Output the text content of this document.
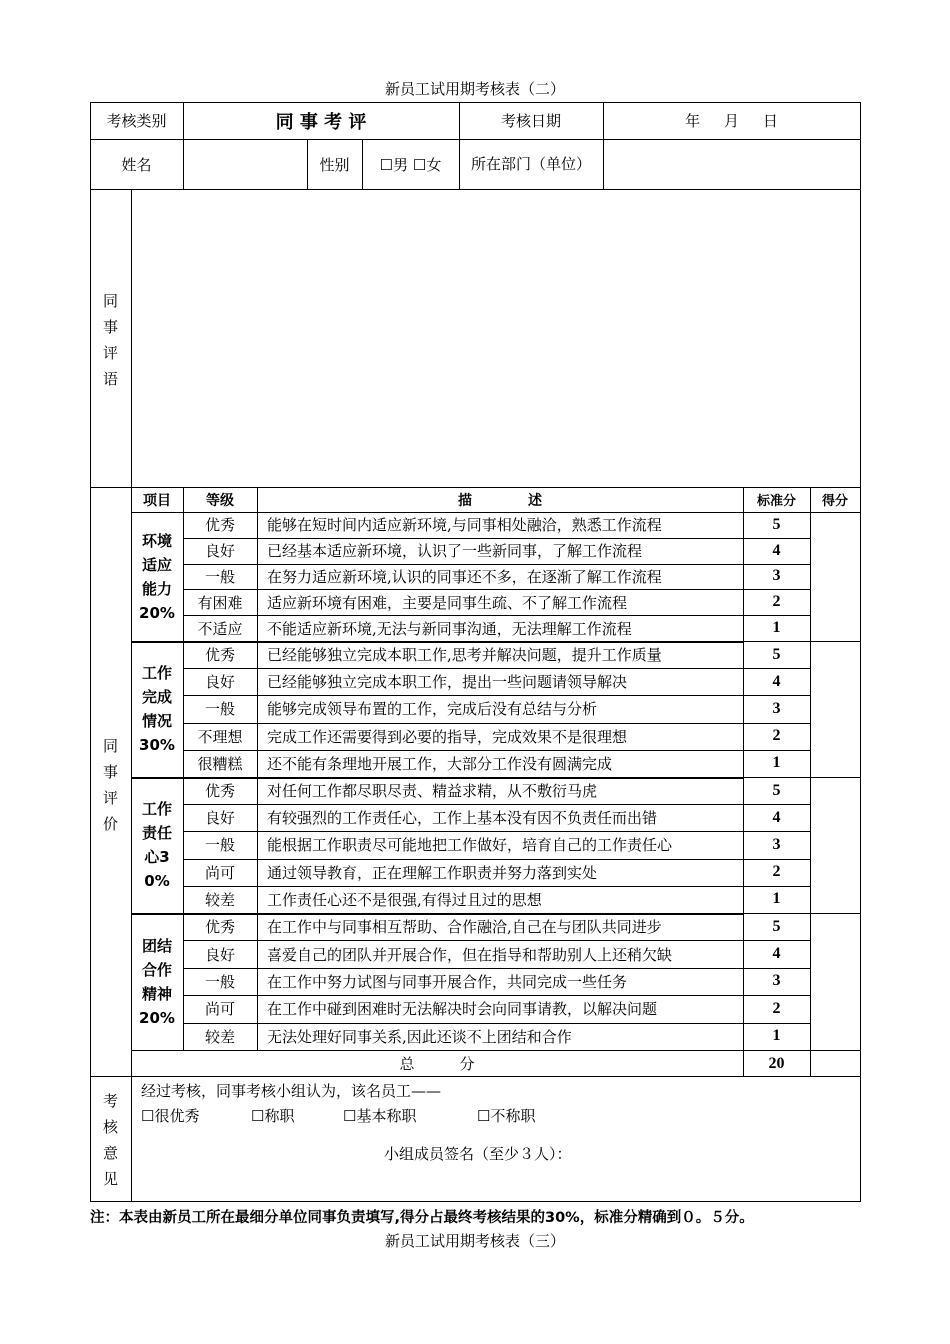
新员工试用期考核表（二）
考核类别	同 事 考 评	考核日期	年     月     日
姓名	性别	☐男 ☐女	所在部门（单位）
同事评语
同事评价
项目	等级	描　　　　述	标准分	得分
环境适应能力20%
优秀	能够在短时间内适应新环境,与同事相处融洽，熟悉工作流程	5
良好	已经基本适应新环境，认识了一些新同事，了解工作流程	4
一般	在努力适应新环境,认识的同事还不多，在逐渐了解工作流程	3
有困难	适应新环境有困难，主要是同事生疏、不了解工作流程	2
不适应	不能适应新环境,无法与新同事沟通，无法理解工作流程	1
工作完成情况30%
优秀	已经能够独立完成本职工作,思考并解决问题，提升工作质量	5
良好	已经能够独立完成本职工作，提出一些问题请领导解决	4
一般	能够完成领导布置的工作，完成后没有总结与分析	3
不理想	完成工作还需要得到必要的指导，完成效果不是很理想	2
很糟糕	还不能有条理地开展工作，大部分工作没有圆满完成	1
工作责任心30%
优秀	对任何工作都尽职尽责、精益求精，从不敷衍马虎	5
良好	有较强烈的工作责任心，工作上基本没有因不负责任而出错	4
一般	能根据工作职责尽可能地把工作做好，培育自己的工作责任心	3
尚可	通过领导教育，正在理解工作职责并努力落到实处	2
较差	工作责任心还不是很强,有得过且过的思想	1
团结合作精神20%
优秀	在工作中与同事相互帮助、合作融洽,自己在与团队共同进步	5
良好	喜爱自己的团队并开展合作，但在指导和帮助别人上还稍欠缺	4
一般	在工作中努力试图与同事开展合作，共同完成一些任务	3
尚可	在工作中碰到困难时无法解决时会向同事请教，以解决问题	2
较差	无法处理好同事关系,因此还谈不上团结和合作	1
总　　　分	20
考核意见
经过考核，同事考核小组认为，该名员工——
☐很优秀	☐称职	☐基本称职	☐不称职
小组成员签名（至少３人）：
注：本表由新员工所在最细分单位同事负责填写,得分占最终考核结果的30%，标准分精确到０。５分。
新员工试用期考核表（三）
